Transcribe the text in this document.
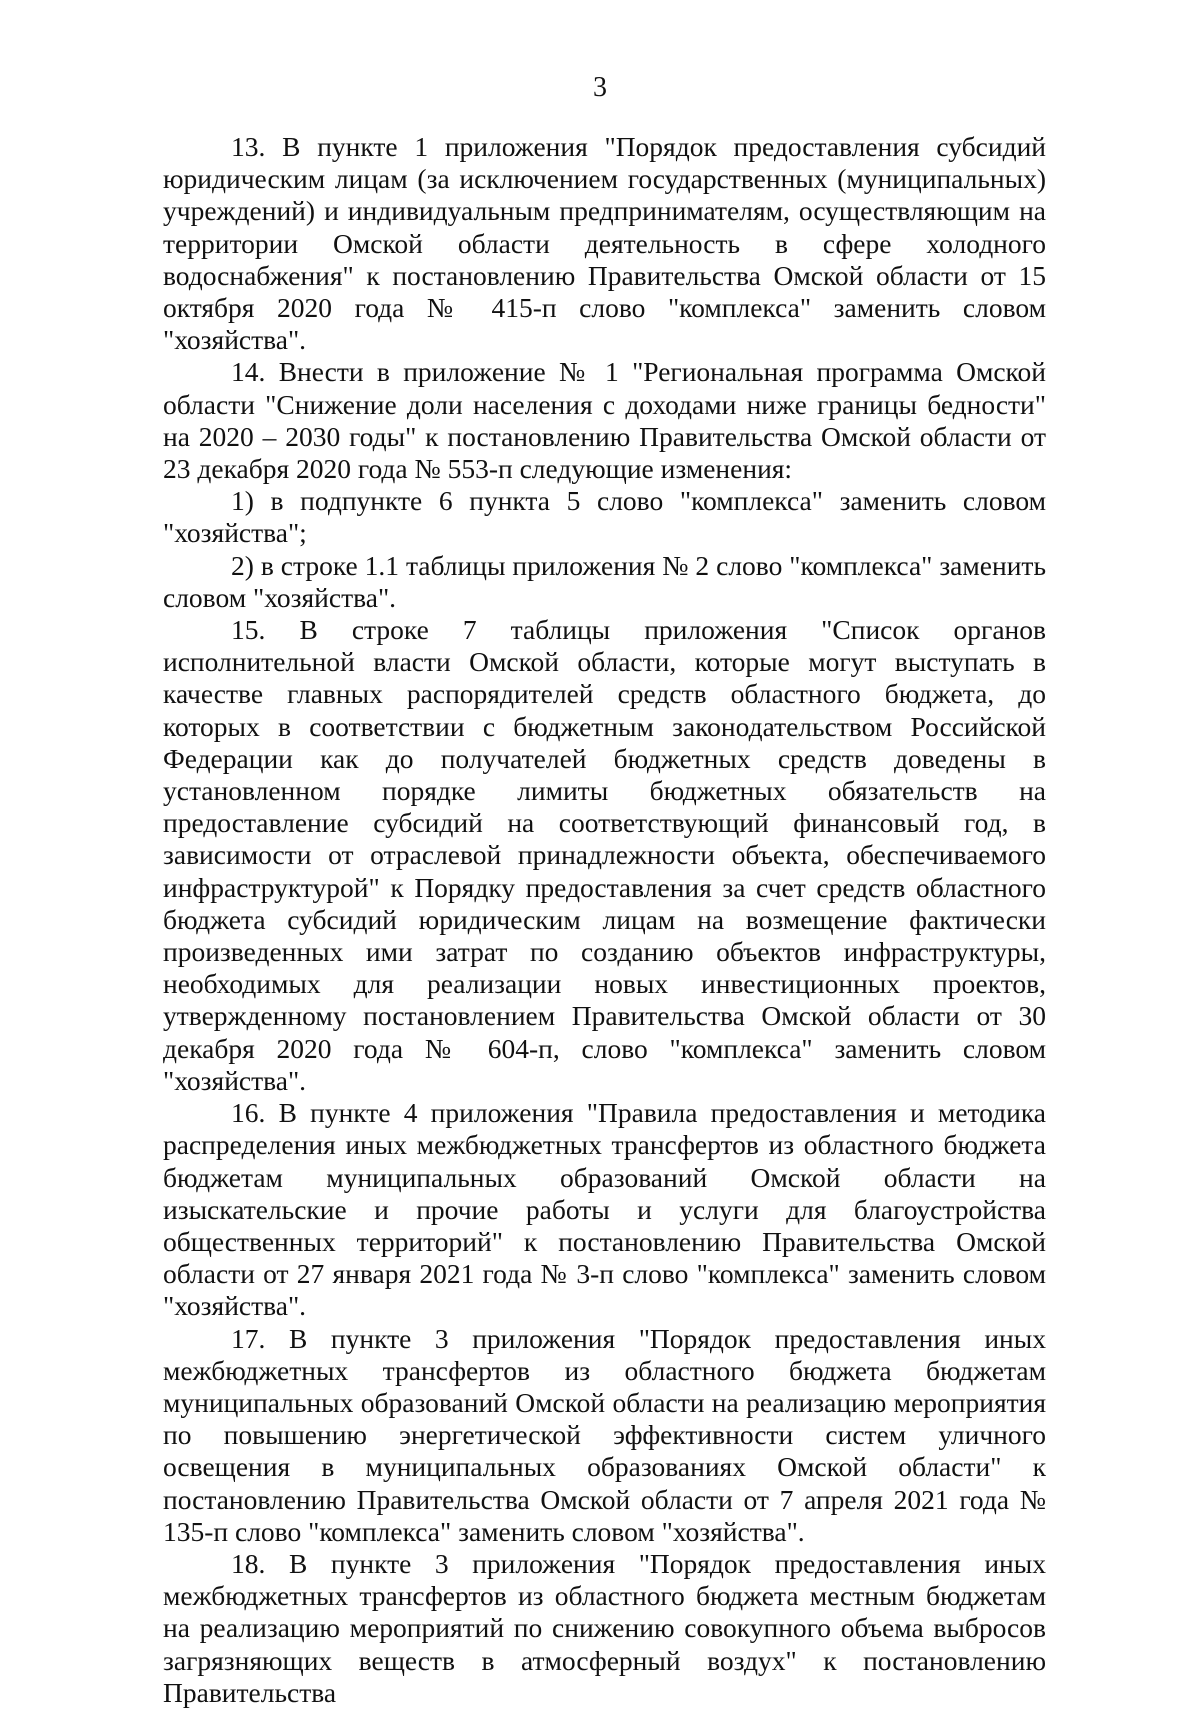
3

13. В пункте 1 приложения "Порядок предоставления субсидий юридическим лицам (за исключением государственных (муниципальных) учреждений) и индивидуальным предпринимателям, осуществляющим на территории Омской области деятельность в сфере холодного водоснабжения" к постановлению Правительства Омской области от 15 октября 2020 года № 415-п слово "комплекса" заменить словом "хозяйства".

14. Внести в приложение № 1 "Региональная программа Омской области "Снижение доли населения с доходами ниже границы бедности" на 2020 – 2030 годы" к постановлению Правительства Омской области от 23 декабря 2020 года № 553-п следующие изменения:

1) в подпункте 6 пункта 5 слово "комплекса" заменить словом "хозяйства";

2) в строке 1.1 таблицы приложения № 2 слово "комплекса" заменить словом "хозяйства".

15. В строке 7 таблицы приложения "Список органов исполнительной власти Омской области, которые могут выступать в качестве главных распорядителей средств областного бюджета, до которых в соответствии с бюджетным законодательством Российской Федерации как до получателей бюджетных средств доведены в установленном порядке лимиты бюджетных обязательств на предоставление субсидий на соответствующий финансовый год, в зависимости от отраслевой принадлежности объекта, обеспечиваемого инфраструктурой" к Порядку предоставления за счет средств областного бюджета субсидий юридическим лицам на возмещение фактически произведенных ими затрат по созданию объектов инфраструктуры, необходимых для реализации новых инвестиционных проектов, утвержденному постановлением Правительства Омской области от 30 декабря 2020 года № 604-п, слово "комплекса" заменить словом "хозяйства".

16. В пункте 4 приложения "Правила предоставления и методика распределения иных межбюджетных трансфертов из областного бюджета бюджетам муниципальных образований Омской области на изыскательские и прочие работы и услуги для благоустройства общественных территорий" к постановлению Правительства Омской области от 27 января 2021 года № 3-п слово "комплекса" заменить словом "хозяйства".

17. В пункте 3 приложения "Порядок предоставления иных межбюджетных трансфертов из областного бюджета бюджетам муниципальных образований Омской области на реализацию мероприятия по повышению энергетической эффективности систем уличного освещения в муниципальных образованиях Омской области" к постановлению Правительства Омской области от 7 апреля 2021 года № 135-п слово "комплекса" заменить словом "хозяйства".

18. В пункте 3 приложения "Порядок предоставления иных межбюджетных трансфертов из областного бюджета местным бюджетам на реализацию мероприятий по снижению совокупного объема выбросов загрязняющих веществ в атмосферный воздух" к постановлению Правительства
